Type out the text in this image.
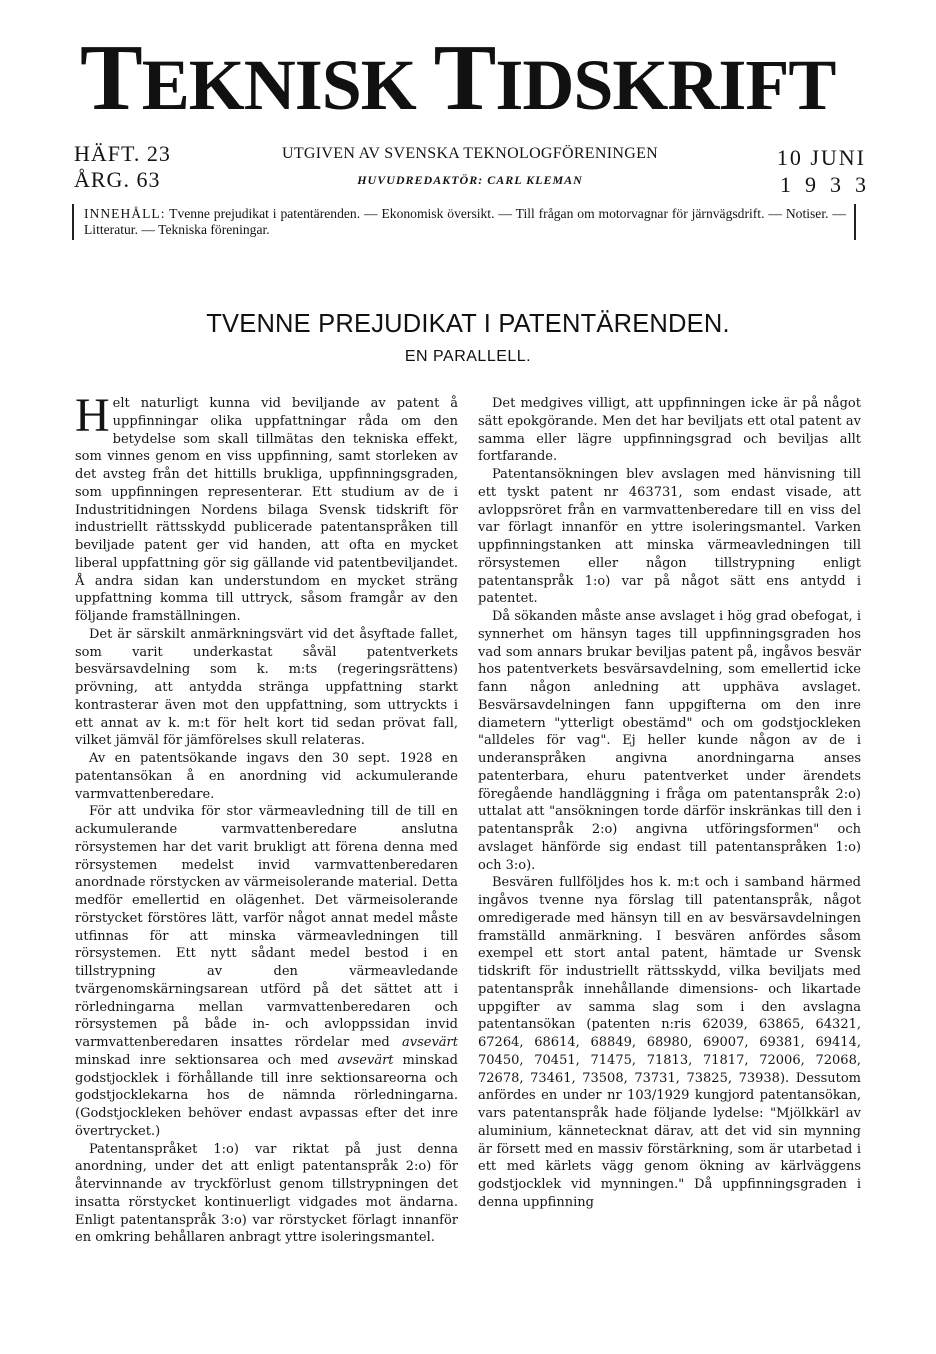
TEKNISK  TIDSKRIFT
HÄFT. 23
ÅRG. 63
UTGIVEN AV SVENSKA TEKNOLOGFÖRENINGEN
HUVUDREDAKTÖR: CARL KLEMAN
10 JUNI
1933
INNEHÅLL: Tvenne prejudikat i patentärenden. — Ekonomisk översikt. — Till frågan om motorvagnar för järnvägsdrift. — Notiser. — Litteratur. — Tekniska föreningar.
TVENNE PREJUDIKAT I PATENTÄRENDEN.
EN PARALLELL.

Helt naturligt kunna vid beviljande av patent å uppfinningar olika uppfattningar råda om den betydelse som skall tillmätas den tekniska effekt, som vinnes genom en viss uppfinning, samt storleken av det avsteg från det hittills brukliga, uppfinningsgraden, som uppfinningen representerar. Ett studium av de i Industritidningen Nordens bilaga Svensk tidskrift för industriellt rättsskydd publicerade patentanspråken till beviljade patent ger vid handen, att ofta en mycket liberal uppfattning gör sig gällande vid patentbeviljandet. Å andra sidan kan understundom en mycket sträng uppfattning komma till uttryck, såsom framgår av den följande framställningen.

Det är särskilt anmärkningsvärt vid det åsyftade fallet, som varit underkastat såväl patentverkets besvärsavdelning som k. m:ts (regeringsrättens) prövning, att antydda stränga uppfattning starkt kontrasterar även mot den uppfattning, som uttryckts i ett annat av k. m:t för helt kort tid sedan prövat fall, vilket jämväl för jämförelses skull relateras.

Av en patentsökande ingavs den 30 sept. 1928 en patentansökan å en anordning vid ackumulerande varmvattenberedare.

För att undvika för stor värmeavledning till de till en ackumulerande varmvattenberedare anslutna rörsystemen har det varit brukligt att förena denna med rörsystemen medelst invid varmvattenberedaren anordnade rörstycken av värmeisolerande material. Detta medför emellertid en olägenhet. Det värmeisolerande rörstycket förstöres lätt, varför något annat medel måste utfinnas för att minska värmeavledningen till rörsystemen. Ett nytt sådant medel bestod i en tillstrypning av den värmeavledande tvärgenomskärningsarean utförd på det sättet att i rörledningarna mellan varmvattenberedaren och rörsystemen på både in- och avloppssidan invid varmvattenberedaren insattes rördelar med avsevärt minskad inre sektionsarea och med avsevärt minskad godstjocklek i förhållande till inre sektionsareorna och godstjocklekarna hos de nämnda rörledningarna. (Godstjockleken behöver endast avpassas efter det inre övertrycket.)

Patentanspråket 1:o) var riktat på just denna anordning, under det att enligt patentanspråk 2:o) för återvinnande av tryckförlust genom tillstrypningen det insatta rörstycket kontinuerligt vidgades mot ändarna. Enligt patentanspråk 3:o) var rörstycket förlagt innanför en omkring behållaren anbragt yttre isoleringsmantel.

Det medgives villigt, att uppfinningen icke är på något sätt epokgörande. Men det har beviljats ett otal patent av samma eller lägre uppfinningsgrad och beviljas allt fortfarande.

Patentansökningen blev avslagen med hänvisning till ett tyskt patent nr 463731, som endast visade, att avloppsröret från en varmvattenberedare till en viss del var förlagt innanför en yttre isoleringsmantel. Varken uppfinningstanken att minska värmeavledningen till rörsystemen eller någon tillstrypning enligt patentanspråk 1:o) var på något sätt ens antydd i patentet.

Då sökanden måste anse avslaget i hög grad obefogat, i synnerhet om hänsyn tages till uppfinningsgraden hos vad som annars brukar beviljas patent på, ingåvos besvär hos patentverkets besvärsavdelning, som emellertid icke fann någon anledning att upphäva avslaget. Besvärsavdelningen fann uppgifterna om den inre diametern "ytterligt obestämd" och om godstjockleken "alldeles för vag". Ej heller kunde någon av de i underanspråken angivna anordningarna anses patenterbara, ehuru patentverket under ärendets föregående handläggning i fråga om patentanspråk 2:o) uttalat att "ansökningen torde därför inskränkas till den i patentanspråk 2:o) angivna utföringsformen" och avslaget hänförde sig endast till patentanspråken 1:o) och 3:o).

Besvären fullföljdes hos k. m:t och i samband härmed ingåvos tvenne nya förslag till patentanspråk, något omredigerade med hänsyn till en av besvärsavdelningen framställd anmärkning. I besvären anfördes såsom exempel ett stort antal patent, hämtade ur Svensk tidskrift för industriellt rättsskydd, vilka beviljats med patentanspråk innehållande dimensions- och likartade uppgifter av samma slag som i den avslagna patentansökan (patenten n:ris 62039, 63865, 64321, 67264, 68614, 68849, 68980, 69007, 69381, 69414, 70450, 70451, 71475, 71813, 71817, 72006, 72068, 72678, 73461, 73508, 73731, 73825, 73938). Dessutom anfördes en under nr 103/1929 kungjord patentansökan, vars patentanspråk hade följande lydelse: "Mjölkkärl av aluminium, kännetecknat därav, att det vid sin mynning är försett med en massiv förstärkning, som är utarbetad i ett med kärlets vägg genom ökning av kärlväggens godstjocklek vid mynningen." Då uppfinningsgraden i denna uppfinning
